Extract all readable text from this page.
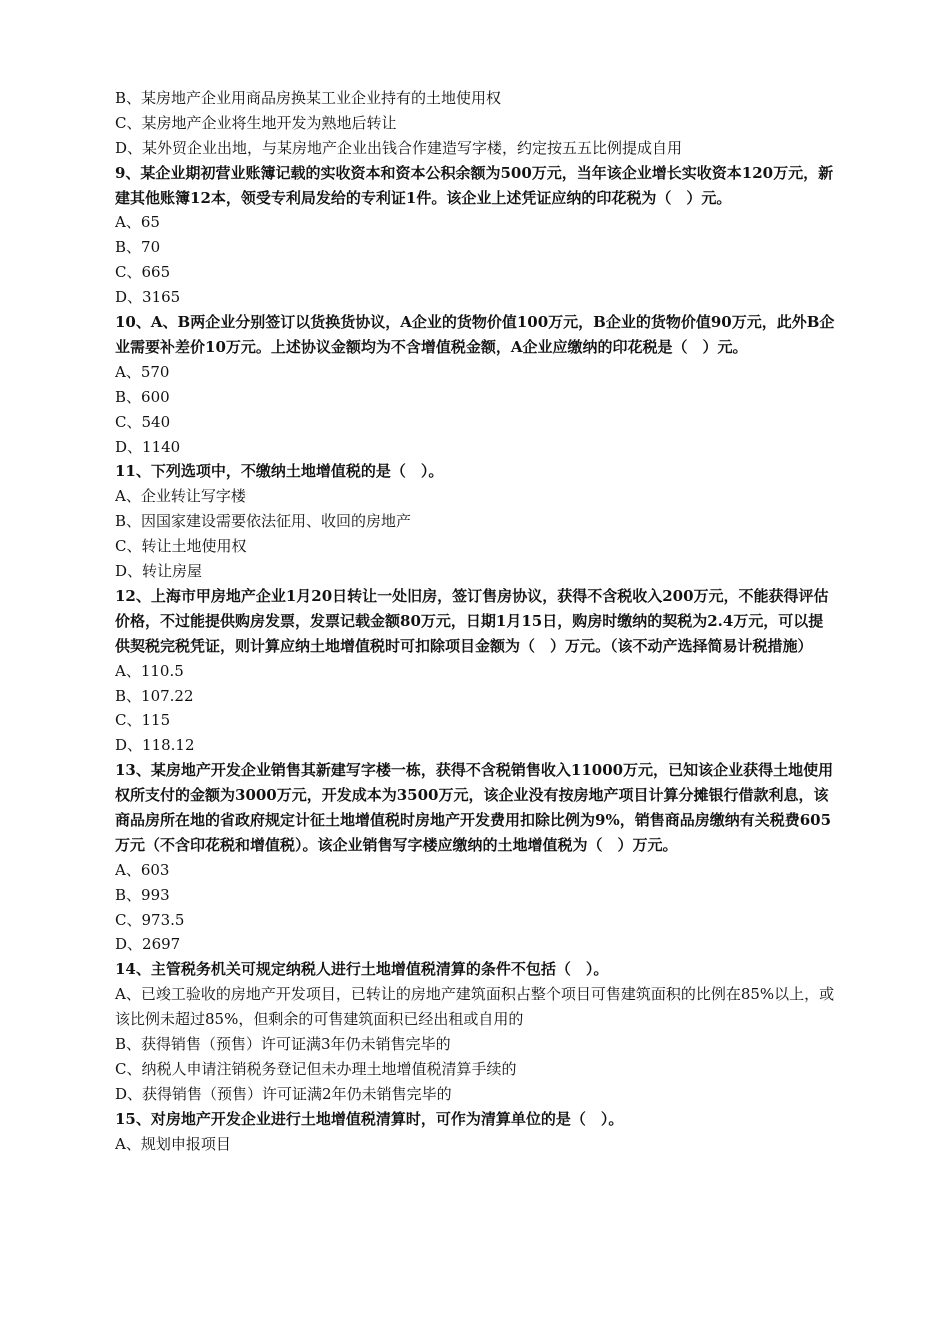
B、某房地产企业用商品房换某工业企业持有的土地使用权
C、某房地产企业将生地开发为熟地后转让
D、某外贸企业出地，与某房地产企业出钱合作建造写字楼，约定按五五比例提成自用
9、某企业期初营业账簿记载的实收资本和资本公积余额为500万元，当年该企业增长实收资本120万元，新建其他账簿12本，领受专利局发给的专利证1件。该企业上述凭证应纳的印花税为（　）元。
A、65
B、70
C、665
D、3165
10、A、B两企业分别签订以货换货协议，A企业的货物价值100万元，B企业的货物价值90万元，此外B企业需要补差价10万元。上述协议金额均为不含增值税金额，A企业应缴纳的印花税是（　）元。
A、570
B、600
C、540
D、1140
11、下列选项中，不缴纳土地增值税的是（　）。
A、企业转让写字楼
B、因国家建设需要依法征用、收回的房地产
C、转让土地使用权
D、转让房屋
12、上海市甲房地产企业1月20日转让一处旧房，签订售房协议，获得不含税收入200万元，不能获得评估价格，不过能提供购房发票，发票记载金额80万元，日期1月15日，购房时缴纳的契税为2.4万元，可以提供契税完税凭证，则计算应纳土地增值税时可扣除项目金额为（　）万元。（该不动产选择简易计税措施）
A、110.5
B、107.22
C、115
D、118.12
13、某房地产开发企业销售其新建写字楼一栋，获得不含税销售收入11000万元，已知该企业获得土地使用权所支付的金额为3000万元，开发成本为3500万元，该企业没有按房地产项目计算分摊银行借款利息，该商品房所在地的省政府规定计征土地增值税时房地产开发费用扣除比例为9%，销售商品房缴纳有关税费605万元（不含印花税和增值税）。该企业销售写字楼应缴纳的土地增值税为（　）万元。
A、603
B、993
C、973.5
D、2697
14、主管税务机关可规定纳税人进行土地增值税清算的条件不包括（　）。
A、已竣工验收的房地产开发项目，已转让的房地产建筑面积占整个项目可售建筑面积的比例在85%以上，或该比例未超过85%，但剩余的可售建筑面积已经出租或自用的
B、获得销售（预售）许可证满3年仍未销售完毕的
C、纳税人申请注销税务登记但未办理土地增值税清算手续的
D、获得销售（预售）许可证满2年仍未销售完毕的
15、对房地产开发企业进行土地增值税清算时，可作为清算单位的是（　）。
A、规划申报项目
